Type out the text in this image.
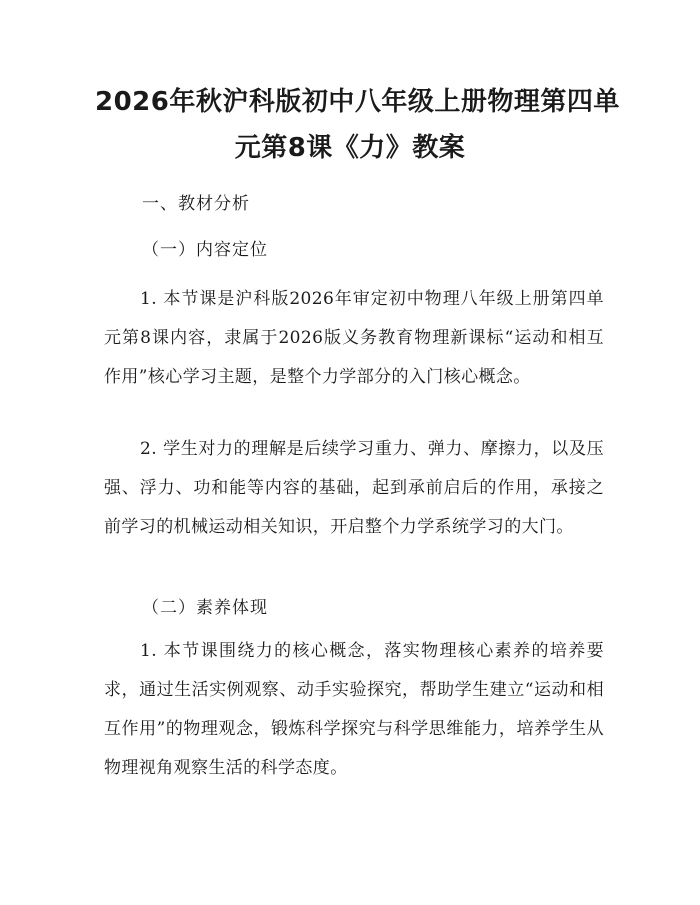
2026年秋沪科版初中八年级上册物理第四单
元第8课《力》教案
一、教材分析
（一）内容定位

1. 本节课是沪科版2026年审定初中物理八年级上册第四单元第8课内容，隶属于2026版义务教育物理新课标“运动和相互作用”核心学习主题，是整个力学部分的入门核心概念。

2. 学生对力的理解是后续学习重力、弹力、摩擦力，以及压强、浮力、功和能等内容的基础，起到承前启后的作用，承接之前学习的机械运动相关知识，开启整个力学系统学习的大门。

（二）素养体现

1. 本节课围绕力的核心概念，落实物理核心素养的培养要求，通过生活实例观察、动手实验探究，帮助学生建立“运动和相互作用”的物理观念，锻炼科学探究与科学思维能力，培养学生从物理视角观察生活的科学态度。
